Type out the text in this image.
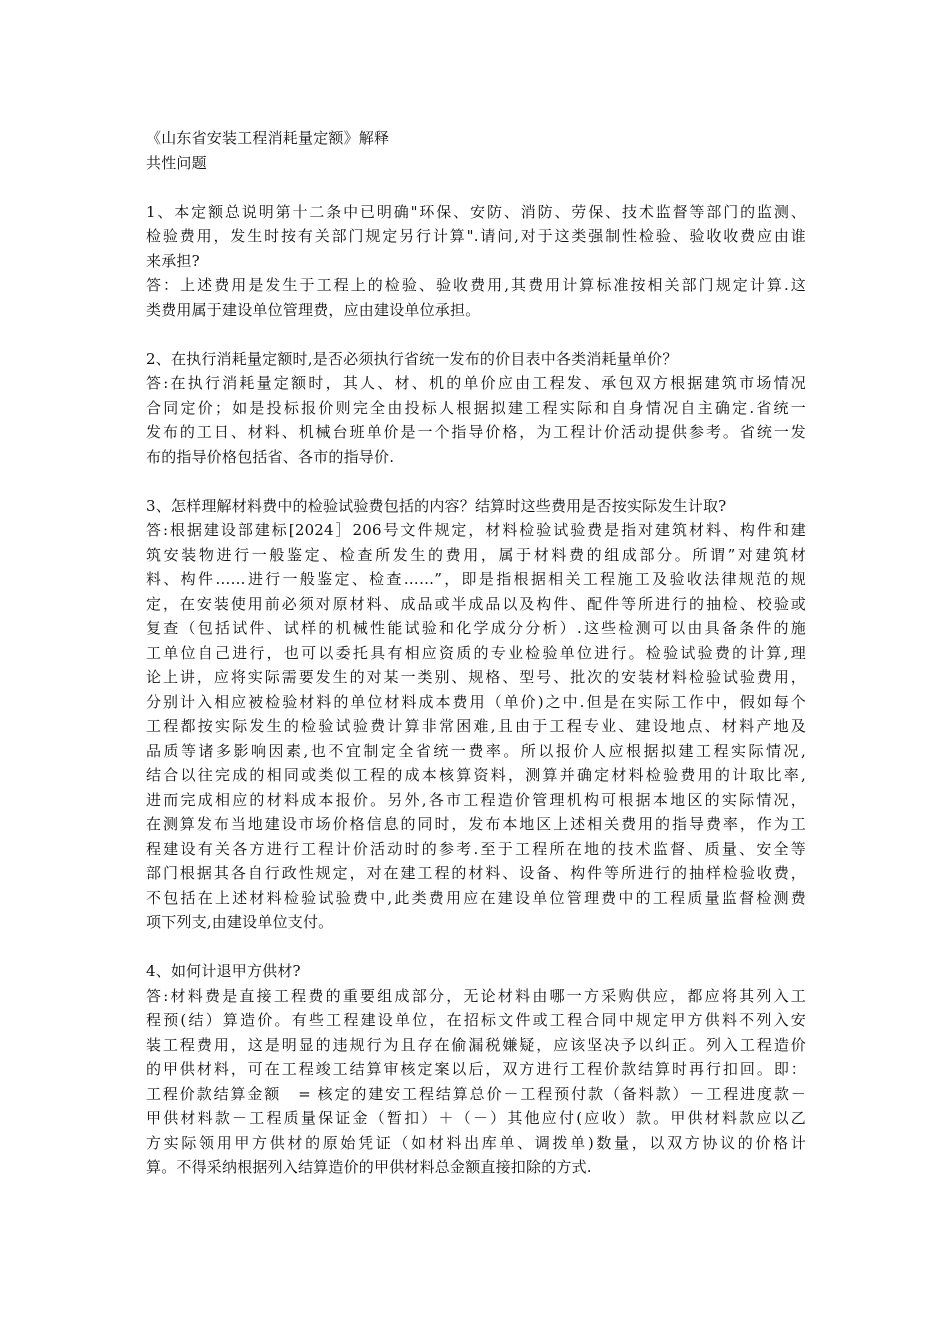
《山东省安装工程消耗量定额》解释
共性问题
1、本定额总说明第十二条中已明确"环保、安防、消防、劳保、技术监督等部门的监测、
检验费用，发生时按有关部门规定另行计算".请问,对于这类强制性检验、验收收费应由谁
来承担?
答：上述费用是发生于工程上的检验、验收费用,其费用计算标准按相关部门规定计算.这
类费用属于建设单位管理费，应由建设单位承担。
2、在执行消耗量定额时,是否必须执行省统一发布的价目表中各类消耗量单价？
答:在执行消耗量定额时，其人、材、机的单价应由工程发、承包双方根据建筑市场情况
合同定价；如是投标报价则完全由投标人根据拟建工程实际和自身情况自主确定.省统一
发布的工日、材料、机械台班单价是一个指导价格，为工程计价活动提供参考。省统一发
布的指导价格包括省、各市的指导价.
3、怎样理解材料费中的检验试验费包括的内容？结算时这些费用是否按实际发生计取?
答:根据建设部建标[2024］206号文件规定，材料检验试验费是指对建筑材料、构件和建
筑安装物进行一般鉴定、检查所发生的费用，属于材料费的组成部分。所谓”对建筑材
料、构件……进行一般鉴定、检查……”，即是指根据相关工程施工及验收法律规范的规
定，在安装使用前必须对原材料、成品或半成品以及构件、配件等所进行的抽检、校验或
复查（包括试件、试样的机械性能试验和化学成分分析）.这些检测可以由具备条件的施
工单位自己进行，也可以委托具有相应资质的专业检验单位进行。检验试验费的计算,理
论上讲，应将实际需要发生的对某一类别、规格、型号、批次的安装材料检验试验费用，
分别计入相应被检验材料的单位材料成本费用（单价)之中.但是在实际工作中，假如每个
工程都按实际发生的检验试验费计算非常困难,且由于工程专业、建设地点、材料产地及
品质等诸多影响因素,也不宜制定全省统一费率。所以报价人应根据拟建工程实际情况,
结合以往完成的相同或类似工程的成本核算资料，测算并确定材料检验费用的计取比率,
进而完成相应的材料成本报价。另外,各市工程造价管理机构可根据本地区的实际情况，
在测算发布当地建设市场价格信息的同时，发布本地区上述相关费用的指导费率，作为工
程建设有关各方进行工程计价活动时的参考.至于工程所在地的技术监督、质量、安全等
部门根据其各自行政性规定，对在建工程的材料、设备、构件等所进行的抽样检验收费，
不包括在上述材料检验试验费中,此类费用应在建设单位管理费中的工程质量监督检测费
项下列支,由建设单位支付。
4、如何计退甲方供材?
答:材料费是直接工程费的重要组成部分，无论材料由哪一方采购供应，都应将其列入工
程预(结）算造价。有些工程建设单位，在招标文件或工程合同中规定甲方供料不列入安
装工程费用，这是明显的违规行为且存在偷漏税嫌疑，应该坚决予以纠正。列入工程造价
的甲供材料，可在工程竣工结算审核定案以后，双方进行工程价款结算时再行扣回。即：
工程价款结算金额　= 核定的建安工程结算总价－工程预付款（备料款）－工程进度款－
甲供材料款－工程质量保证金（暂扣）＋（－）其他应付(应收）款。甲供材料款应以乙
方实际领用甲方供材的原始凭证（如材料出库单、调拨单)数量，以双方协议的价格计
算。不得采纳根据列入结算造价的甲供材料总金额直接扣除的方式.
